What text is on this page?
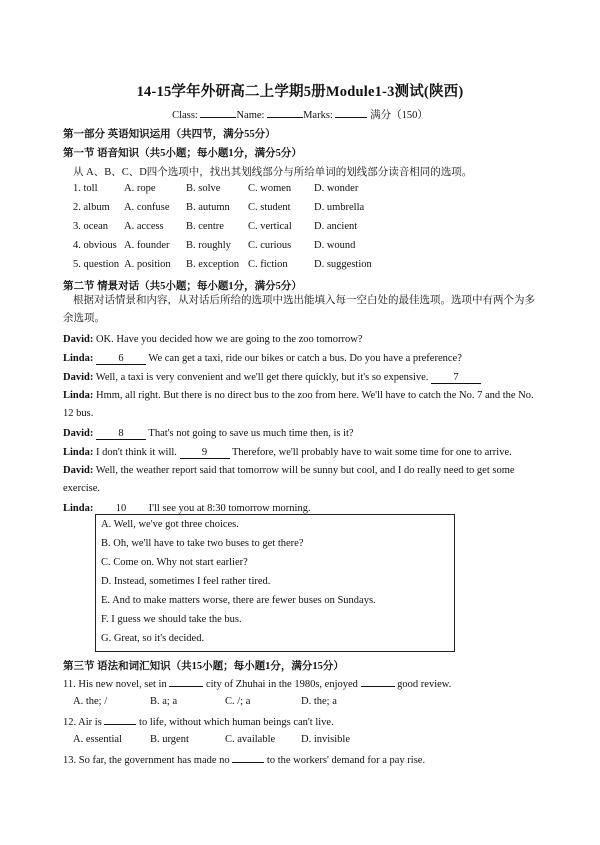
14-15学年外研高二上学期5册Module1-3测试(陕西)
Class:	Name:	Marks:	满分（150）
第一部分 英语知识运用（共四节，满分55分）
第一节 语音知识（共5小题；每小题1分，满分5分）
从 A、B、C、D四个选项中，找出其划线部分与所给单词的划线部分读音相同的选项。
1. toll	A. rope	B. solve	C. women D. wonder
2. album A. confuse B. autumn C. student D. umbrella
3. ocean A. access B. centre C. vertical D. ancient
4. obvious A. founder B. roughly C. curious D. wound
5. question A. position B. exception C. fiction	D. suggestion
第二节 情景对话（共5小题；每小题1分，满分5分）
根据对话情景和内容，从对话后所给的选项中选出能填入每一空白处的最佳选项。选项中有两个为多余选项。
David: OK. Have you decided how we are going to the zoo tomorrow?
Linda: 6 We can get a taxi, ride our bikes or catch a bus. Do you have a preference?
David: Well, a taxi is very convenient and we'll get there quickly, but it's so expensive. 7
Linda: Hmm, all right. But there is no direct bus to the zoo from here. We'll have to catch the No. 7 and the No. 12 bus.
David: 8 That's not going to save us much time then, is it?
Linda: I don't think it will. 9 Therefore, we'll probably have to wait some time for one to arrive.
David: Well, the weather report said that tomorrow will be sunny but cool, and I do really need to get some exercise.
Linda: 10 I'll see you at 8:30 tomorrow morning.
A. Well, we've got three choices.
B. Oh, we'll have to take two buses to get there?
C. Come on. Why not start earlier?
D. Instead, sometimes I feel rather tired.
E. And to make matters worse, there are fewer buses on Sundays.
F. I guess we should take the bus.
G. Great, so it's decided.
第三节 语法和词汇知识（共15小题；每小题1分，满分15分）
11. His new novel, set in	city of Zhuhai in the 1980s, enjoyed	good review.
A. the; /	B. a; a	C. /; a	D. the; a
12. Air is	to life, without which human beings can't live.
A. essential	B. urgent	C. available D. invisible
13. So far, the government has made no	to the workers' demand for a pay rise.
